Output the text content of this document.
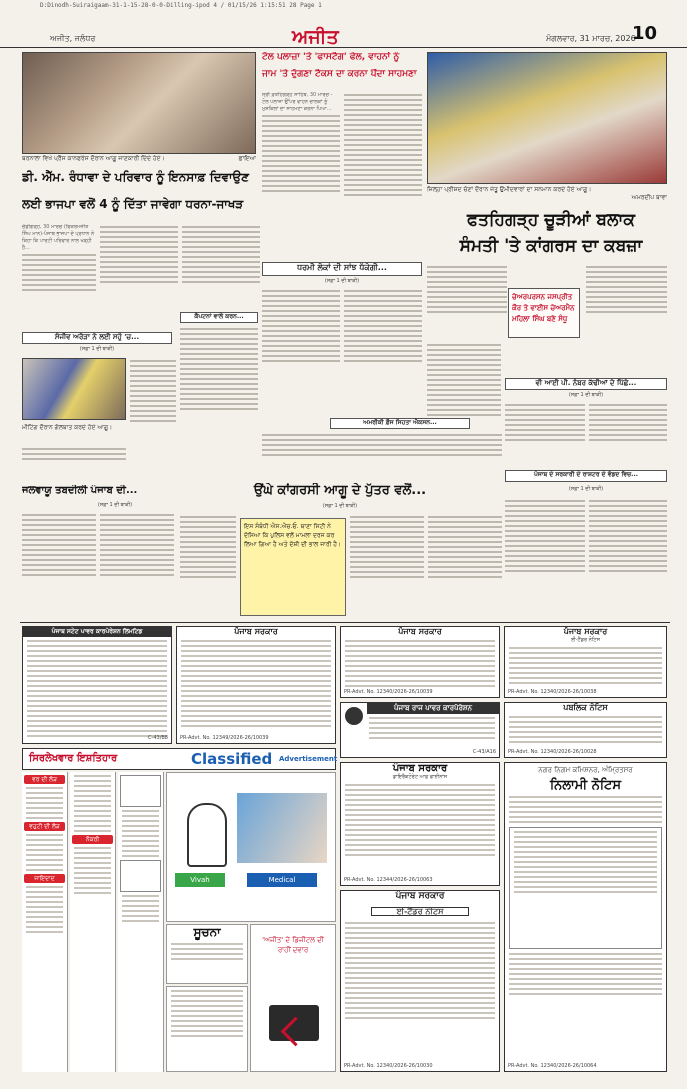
D:Dinodh-Suiraigaam-31-1-15-28-0-0-Dilling-ipod 4 / 01/15/26 1:15:51 28 Page 1
ਅਜੀਤ, ਜਲੰਧਰ	ਅਜੀਤ	ਮੰਗਲਵਾਰ, 31 ਮਾਰਚ, 2026
10
ਬਰਨਾਲਾ ਵਿਖੇ ਪ੍ਰੈੱਸ ਕਾਨਫਰੰਸ ਦੌਰਾਨ ਆਗੂ ਜਾਣਕਾਰੀ ਦਿੰਦੇ ਹੋਏ।	ਛਾਇਆ
ਡੀ. ਐੱਮ. ਰੰਧਾਵਾ ਦੇ ਪਰਿਵਾਰ ਨੂੰ ਇਨਸਾਫ਼ ਦਿਵਾਉਣ
ਲਈ ਭਾਜਪਾ ਵਲੋਂ 4 ਨੂੰ ਦਿੱਤਾ ਜਾਵੇਗਾ ਧਰਨਾ-ਜਾਖੜ
ਚੰਡੀਗੜ੍ਹ, 30 ਮਾਰਚ (ਵਿਕਰਮਜੀਤ ਸਿੰਘ ਮਾਨ)-ਪੰਜਾਬ ਭਾਜਪਾ ਦੇ ਪ੍ਰਧਾਨ ਨੇ ਕਿਹਾ ਕਿ ਪਾਰਟੀ ਪਰਿਵਾਰ ਨਾਲ ਖੜ੍ਹੀ ਹੈ...
ਟੋਲ ਪਲਾਜ਼ਾ 'ਤੇ 'ਫਾਸਟੈਗ' ਫੇਲ, ਵਾਹਨਾਂ ਨੂੰ
ਜਾਮ 'ਤੇ ਦੁੱਗਣਾ ਟੈਕਸ ਦਾ ਕਰਨਾ ਪੈਂਦਾ ਸਾਹਮਣਾ
ਸ੍ਰੀ ਫ਼ਤਹਿਗੜ੍ਹ ਸਾਹਿਬ, 30 ਮਾਰਚ - ਟੋਲ ਪਲਾਜ਼ਾ ਉੱਪਰ ਵਾਹਨ ਚਾਲਕਾਂ ਨੂੰ ਮੁਸ਼ਕਿਲਾਂ ਦਾ ਸਾਹਮਣਾ ਕਰਨਾ ਪਿਆ...
ਜ਼ਿਲ੍ਹਾ ਪ੍ਰੀਸ਼ਦ ਚੋਣਾਂ ਦੌਰਾਨ ਜੇਤੂ ਉਮੀਦਵਾਰਾਂ ਦਾ ਸਨਮਾਨ ਕਰਦੇ ਹੋਏ ਆਗੂ।
ਅਮਰਦੀਪ ਬਾਵਾ
ਫਤਹਿਗੜ੍ਹ ਚੂੜੀਆਂ ਬਲਾਕ
ਸੰਮਤੀ 'ਤੇ ਕਾਂਗਰਸ ਦਾ ਕਬਜ਼ਾ
ਚੇਅਰਪਰਸਨ ਜਸਪ੍ਰੀਤ ਕੌਰ ਤੇ ਵਾਈਸ ਚੇਅਰਮੈਨ ਮਹਿਲਾ ਸਿੰਘ ਬਣੇ ਸੰਧੂ
ਵੀ ਆਈ ਪੀ. ਨੰਬਰ ਕੱਢੀਆਂ ਦੇ ਪਿੱਛੇ...
(ਸਫ਼ਾ 1 ਦੀ ਬਾਕੀ)
ਧਰਮੀ ਲੋਕਾਂ ਦੀ ਸਾਂਝ ਧੱਕੇਗੀ...
(ਸਫ਼ਾ 1 ਦੀ ਬਾਕੀ)
ਕੈਪਟਨਾਂ ਵਾਲੇ ਕਰਨ...
ਅਮਰੀਕੀ ਫ਼ੌਜ ਸਿਹਤਾ ਐਕਸਨ...
ਸੰਜੀਵ ਅਰੋੜਾ ਨੇ ਲਈ ਸਹੁੰ 'ਚ...
(ਸਫ਼ਾ 1 ਦੀ ਬਾਕੀ)
ਮੀਟਿੰਗ ਦੌਰਾਨ ਗੱਲਬਾਤ ਕਰਦੇ ਹੋਏ ਆਗੂ।
ਜਲਵਾਯੂ ਤਬਦੀਲੀ ਪੰਜਾਬ ਦੀ...
(ਸਫ਼ਾ 1 ਦੀ ਬਾਕੀ)
ਉਂਘੇ ਕਾਂਗਰਸੀ ਆਗੂ ਦੇ ਪੁੱਤਰ ਵਲੋਂ...
(ਸਫ਼ਾ 1 ਦੀ ਬਾਕੀ)
ਇਸ ਸੰਬੰਧੀ ਐਸ.ਐਚ.ਓ. ਥਾਣਾ ਸਿਟੀ ਨੇ ਦੱਸਿਆ ਕਿ ਪੁਲਿਸ ਵਲੋਂ ਮਾਮਲਾ ਦਰਜ ਕਰ ਲਿਆ ਗਿਆ ਹੈ ਅਤੇ ਦੋਸ਼ੀ ਦੀ ਭਾਲ ਜਾਰੀ ਹੈ।
ਪੰਜਾਬ ਦੇ ਸਰਕਾਰੀ ਦੇ ਰਾਸ਼ਟਰ ਦੇ ਵੱਡਦ ਵਿਚ...
(ਸਫ਼ਾ 1 ਦੀ ਬਾਕੀ)
ਪੰਜਾਬ ਸਟੇਟ ਪਾਵਰ ਕਾਰਪੋਰੇਸ਼ਨ ਲਿਮਟਿਡ
C-43/B8
ਪੰਜਾਬ ਸਰਕਾਰ
PR-Advt. No. 12349/2026-26/10039
ਪੰਜਾਬ ਸਰਕਾਰ
PR-Advt. No. 12340/2026-26/10039
ਪੰਜਾਬ ਸਰਕਾਰ
ਈ-ਟੈਂਡਰ ਨੋਟਿਸ
PR-Advt. No. 12340/2026-26/10038
ਪੰਜਾਬ ਰਾਜ ਪਾਵਰ ਕਾਰਪੋਰੇਸ਼ਨ
C-43/A16
ਪਬਲਿਕ ਨੋਟਿਸ
PR-Advt. No. 12340/2026-26/10028
ਸਿਰਲੇਖਵਾਰ ਇਸ਼ਤਿਹਾਰ	Classified Advertisement
ਵਰ ਦੀ ਲੋੜ
ਵਹੁਟੀ ਦੀ ਲੋੜ
ਜਾਇਦਾਦ
ਨੌਕਰੀ
Vivah	Medical
ਸੂਚਨਾ
'ਅਜੀਤ' ਦੇ ਡਿਜੀਟਲ ਦੀ ਰਾਹੀਂ ਦਵਾਰ
ਪੰਜਾਬ ਸਰਕਾਰ
ਡਾਇਰੈਕਟੋਰੇਟ ਆਫ਼ ਫਾਈਨਾਂਸ
PR-Advt. No. 12344/2026-26/10063
ਨਗਰ ਨਿਗਮ ਕਮਿਸ਼ਨਰ, ਅੰਮ੍ਰਿਤਸਰ
ਨਿਲਾਮੀ ਨੋਟਿਸ
PR-Advt. No. 12340/2026-26/10064
ਪੰਜਾਬ ਸਰਕਾਰ
ਈ-ਟੈਂਡਰ ਨੋਟਿਸ
PR-Advt. No. 12340/2026-26/10030
